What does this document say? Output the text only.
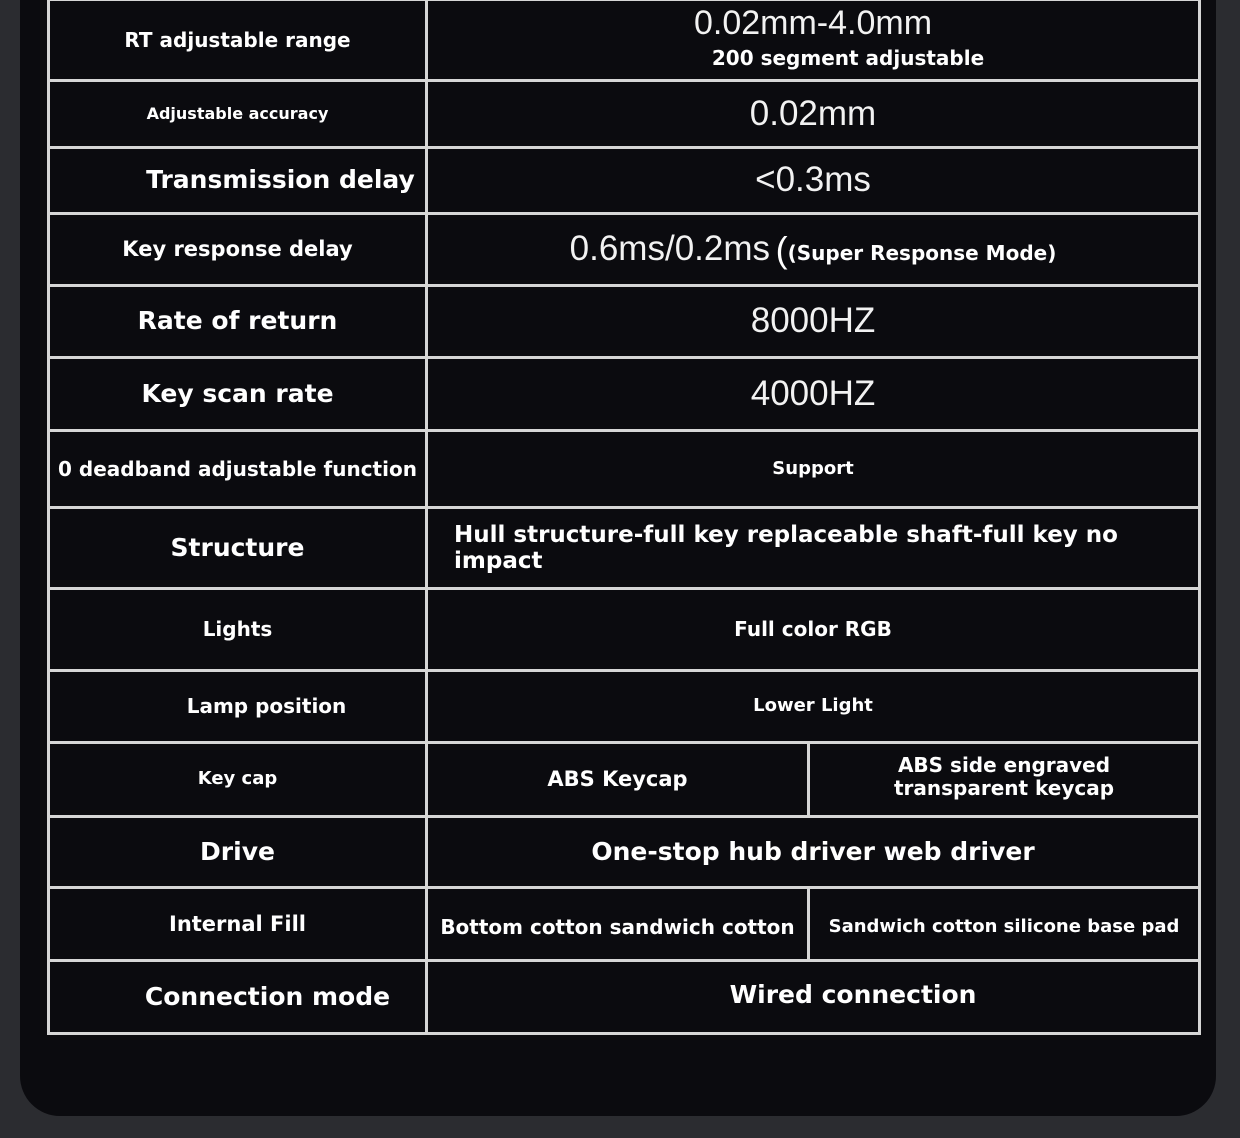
RT adjustable range	0.02mm-4.0mm
200 segment adjustable	

Adjustable accuracy	0.02mm	
Transmission delay	<0.3ms	
Key response delay	0.6ms/0.2ms ((Super Response Mode)	
Rate of return	8000HZ	
Key scan rate	4000HZ	
0 deadband adjustable function	Support	
Structure	Hull structure-full key replaceable shaft-full key no impact	
Lights	Full color RGB	
Lamp position	Lower Light	
Key cap	ABS Keycap	ABS side engraved transparent keycap
Drive	One-stop hub driver web driver	
Internal Fill	Bottom cotton sandwich cotton	Sandwich cotton silicone base pad
Connection mode	Wired connection	
